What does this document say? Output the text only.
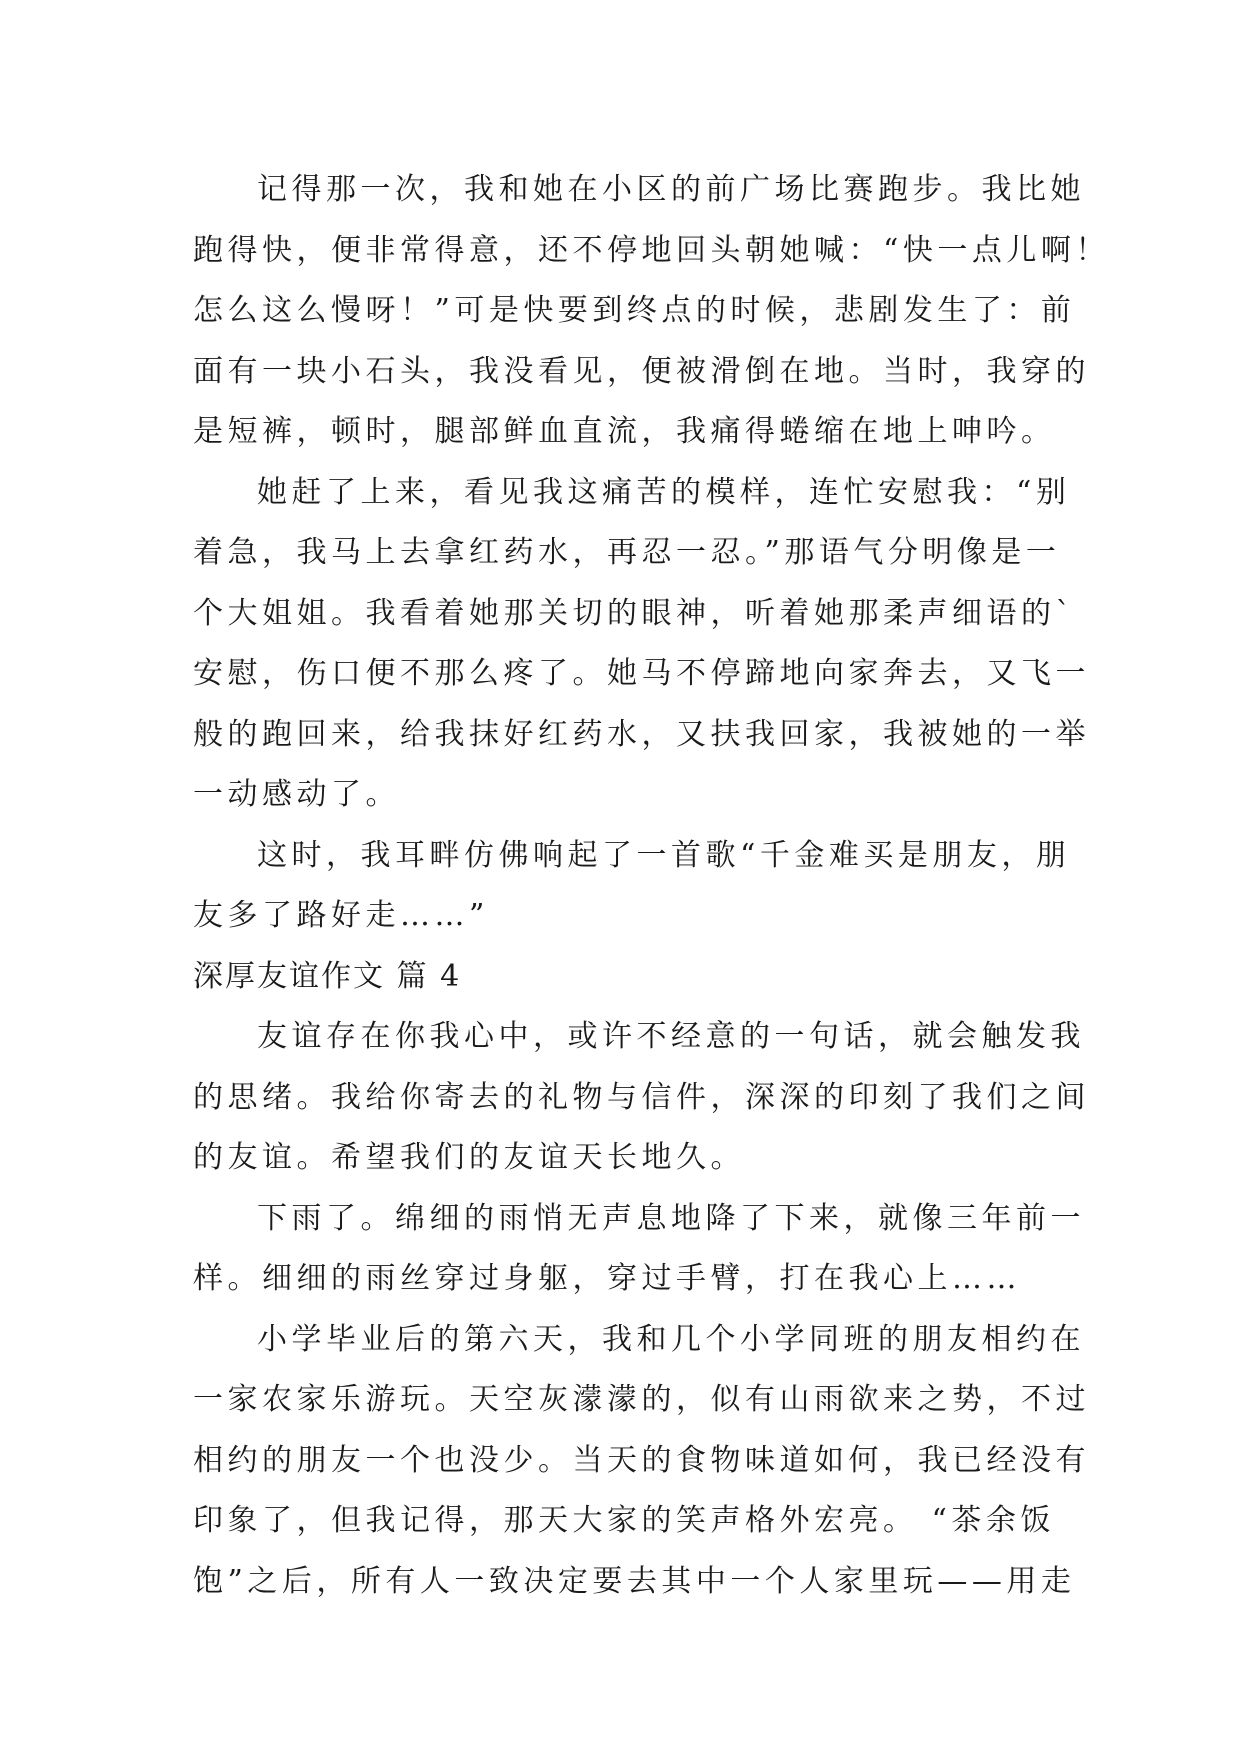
记得那一次，我和她在小区的前广场比赛跑步。我比她
跑得快，便非常得意，还不停地回头朝她喊：“快一点儿啊！
怎么这么慢呀！”可是快要到终点的时候，悲剧发生了：前
面有一块小石头，我没看见，便被滑倒在地。当时，我穿的
是短裤，顿时，腿部鲜血直流，我痛得蜷缩在地上呻吟。
她赶了上来，看见我这痛苦的模样，连忙安慰我：“别
着急，我马上去拿红药水，再忍一忍。”那语气分明像是一
个大姐姐。我看着她那关切的眼神，听着她那柔声细语的`
安慰，伤口便不那么疼了。她马不停蹄地向家奔去，又飞一
般的跑回来，给我抹好红药水，又扶我回家，我被她的一举
一动感动了。
这时，我耳畔仿佛响起了一首歌“千金难买是朋友，朋
友多了路好走……”
深厚友谊作文 篇 4
友谊存在你我心中，或许不经意的一句话，就会触发我
的思绪。我给你寄去的礼物与信件，深深的印刻了我们之间
的友谊。希望我们的友谊天长地久。
下雨了。绵细的雨悄无声息地降了下来，就像三年前一
样。细细的雨丝穿过身躯，穿过手臂，打在我心上……
小学毕业后的第六天，我和几个小学同班的朋友相约在
一家农家乐游玩。天空灰濛濛的，似有山雨欲来之势，不过
相约的朋友一个也没少。当天的食物味道如何，我已经没有
印象了，但我记得，那天大家的笑声格外宏亮。 “茶余饭
饱”之后，所有人一致决定要去其中一个人家里玩——用走
